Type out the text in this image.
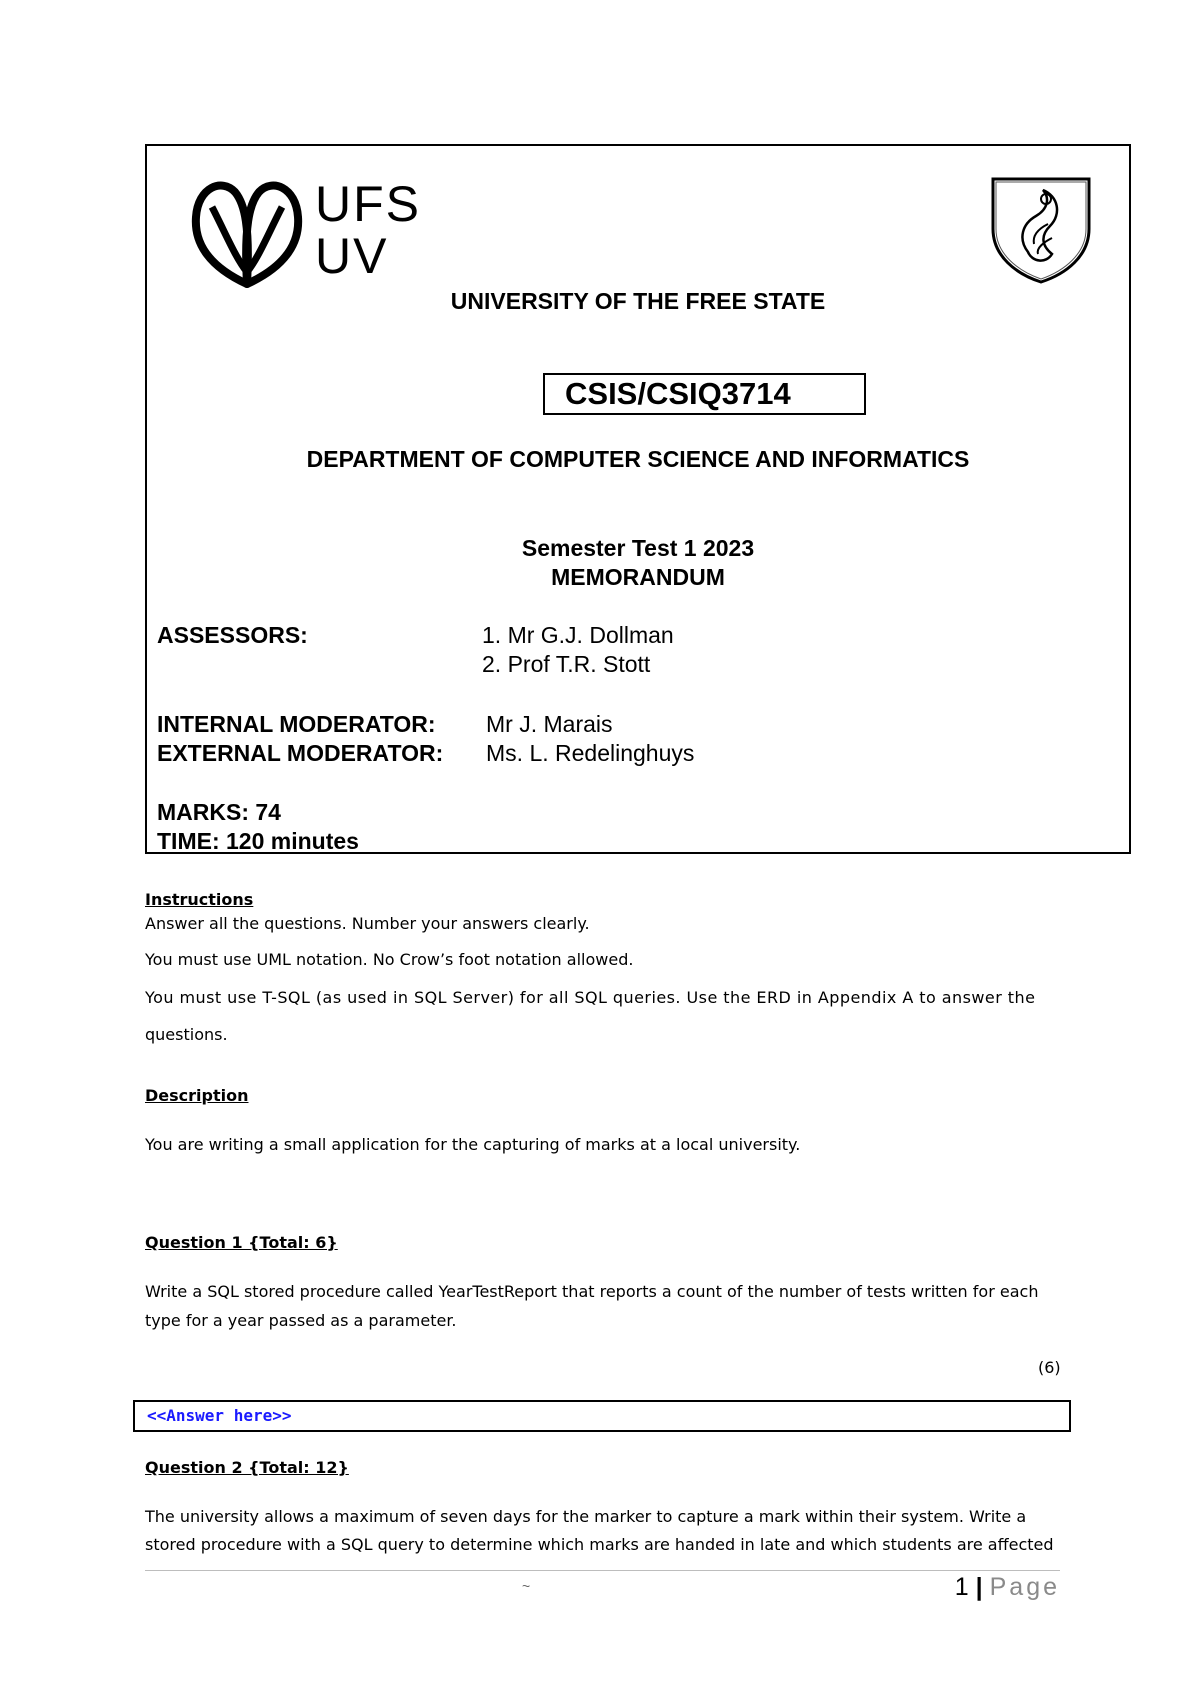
UFS
UV
UNIVERSITY OF THE FREE STATE
CSIS/CSIQ3714
DEPARTMENT OF COMPUTER SCIENCE AND INFORMATICS
Semester Test 1 2023
MEMORANDUM
ASSESSORS:	1. Mr G.J. Dollman
2. Prof T.R. Stott
INTERNAL MODERATOR: Mr J. Marais
EXTERNAL MODERATOR: Ms. L. Redelinghuys
MARKS: 74
TIME: 120 minutes
Instructions
Answer all the questions. Number your answers clearly.
You must use UML notation. No Crow’s foot notation allowed.
You must use T-SQL (as used in SQL Server) for all SQL queries. Use the ERD in Appendix A to answer the
questions.
Description
You are writing a small application for the capturing of marks at a local university.
Question 1 {Total: 6}
Write a SQL stored procedure called YearTestReport that reports a count of the number of tests written for each
type for a year passed as a parameter.
(6)
<<Answer here>>
Question 2 {Total: 12}
The university allows a maximum of seven days for the marker to capture a mark within their system. Write a
stored procedure with a SQL query to determine which marks are handed in late and which students are affected
~	1 | Page
